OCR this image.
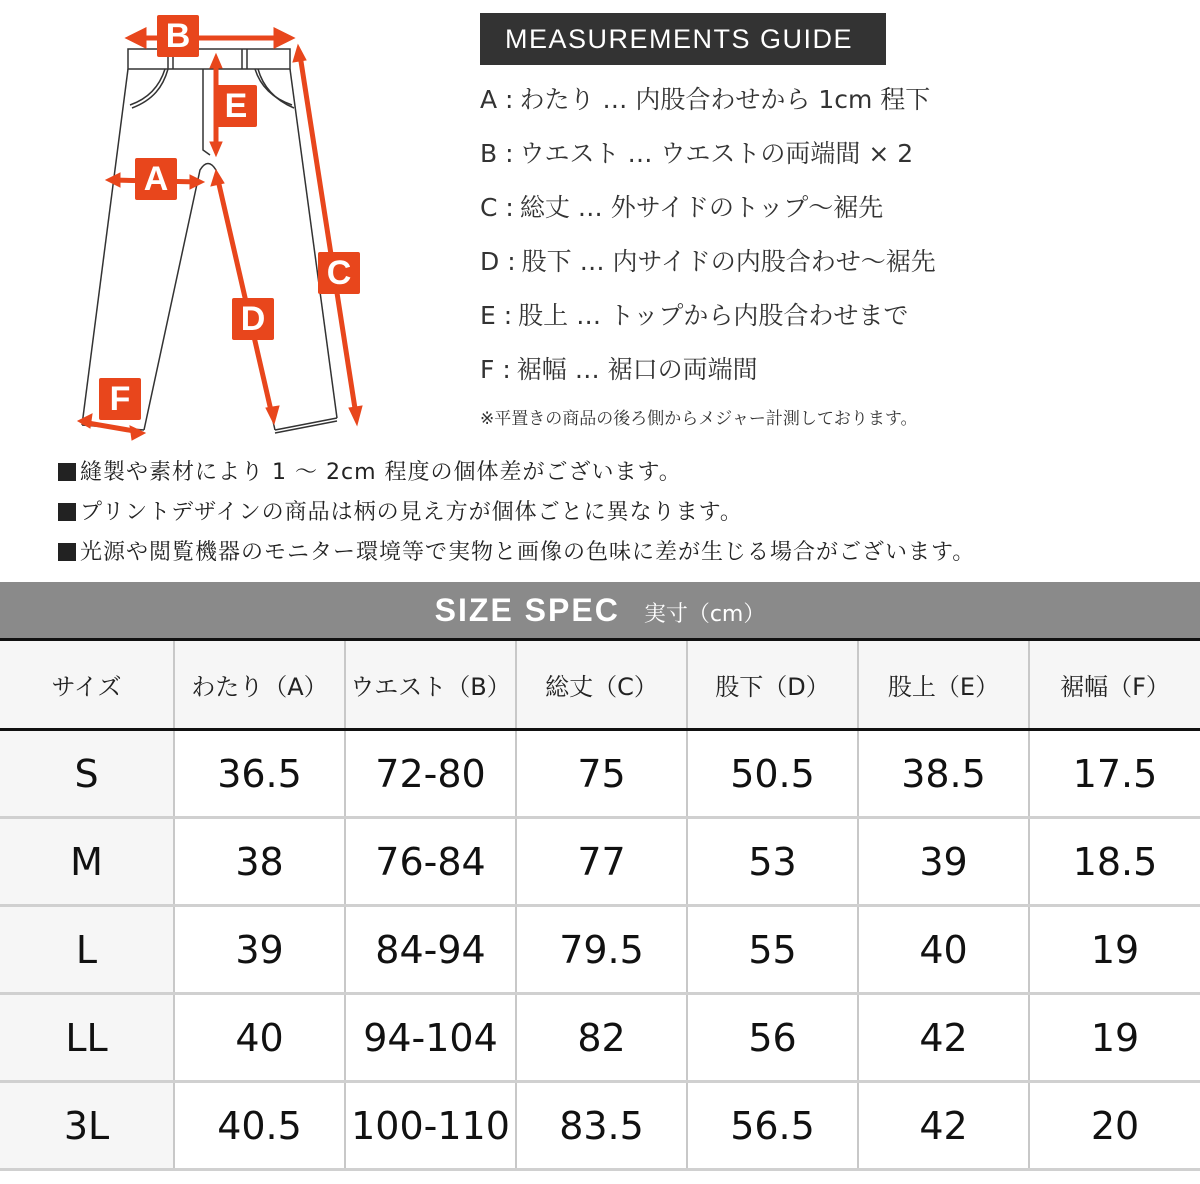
B
E
A
C
D
F
MEASUREMENTS GUIDE
A : わたり … 内股合わせから 1cm 程下
B : ウエスト … ウエストの両端間 × 2
C : 総丈 … 外サイドのトップ～裾先
D : 股下 … 内サイドの内股合わせ～裾先
E : 股上 … トップから内股合わせまで
F : 裾幅 … 裾口の両端間
※平置きの商品の後ろ側からメジャー計測しております。
縫製や素材により 1 ～ 2cm 程度の個体差がございます。
プリントデザインの商品は柄の見え方が個体ごとに異なります。
光源や閲覧機器のモニター環境等で実物と画像の色味に差が生じる場合がございます。
SIZE SPEC 実寸（cm）
サイズ	わたり（A）	ウエスト（B）	総丈（C）	股下（D）	股上（E）	裾幅（F）
S	36.5	72-80	75	50.5	38.5	17.5
M	38	76-84	77	53	39	18.5
L	39	84-94	79.5	55	40	19
LL	40	94-104	82	56	42	19
3L	40.5	100-110	83.5	56.5	42	20
